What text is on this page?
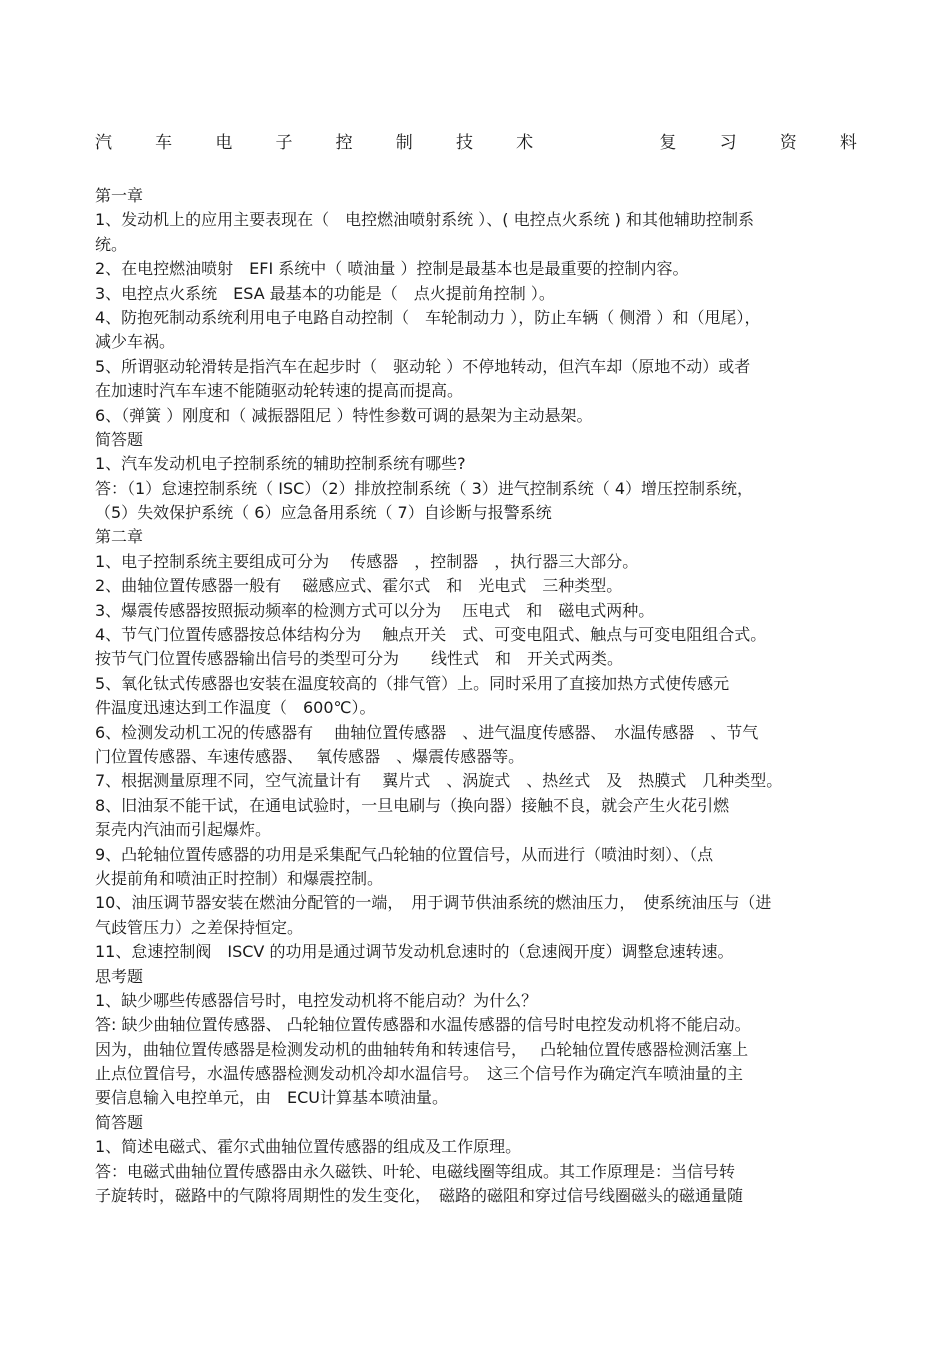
汽	车	电	子	控	制	技	术	复	习	资	料
第一章
1、发动机上的应用主要表现在（　电控燃油喷射系统 ）、( 电控点火系统 ) 和其他辅助控制系
统。
2、在电控燃油喷射　EFI 系统中（ 喷油量 ）控制是最基本也是最重要的控制内容。
3、电控点火系统　ESA 最基本的功能是（　点火提前角控制 ）。
4、防抱死制动系统利用电子电路自动控制（　车轮制动力 ），防止车辆（ 侧滑 ）和（甩尾），
减少车祸。
5、所谓驱动轮滑转是指汽车在起步时（　驱动轮 ）不停地转动，但汽车却（原地不动）或者
在加速时汽车车速不能随驱动轮转速的提高而提高。
6、（弹簧 ）刚度和（ 减振器阻尼 ）特性参数可调的悬架为主动悬架。
简答题
1、汽车发动机电子控制系统的辅助控制系统有哪些?
答：（1）怠速控制系统（ ISC）（2）排放控制系统（ 3）进气控制系统（ 4）增压控制系统，
（5）失效保护系统（ 6）应急备用系统（ 7）自诊断与报警系统
第二章
1、电子控制系统主要组成可分为　 传感器　，控制器　，执行器三大部分。
2、曲轴位置传感器一般有　 磁感应式、霍尔式　和　光电式　三种类型。
3、爆震传感器按照振动频率的检测方式可以分为　 压电式　和　磁电式两种。
4、节气门位置传感器按总体结构分为　 触点开关　式、可变电阻式、触点与可变电阻组合式。
按节气门位置传感器输出信号的类型可分为　　线性式　和　开关式两类。
5、氧化钛式传感器也安装在温度较高的（排气管）上。同时采用了直接加热方式使传感元
件温度迅速达到工作温度（　600℃）。
6、检测发动机工况的传感器有　 曲轴位置传感器　、进气温度传感器、　水温传感器　、节气
门位置传感器、车速传感器、　 氧传感器　、爆震传感器等。
7、根据测量原理不同，空气流量计有　 翼片式　、涡旋式　、热丝式　及　热膜式　几种类型。
8、旧油泵不能干试，在通电试验时，一旦电刷与（换向器）接触不良，就会产生火花引燃
泵壳内汽油而引起爆炸。
9、凸轮轴位置传感器的功用是采集配气凸轮轴的位置信号，从而进行（喷油时刻）、（点
火提前角和喷油正时控制）和爆震控制。
10、油压调节器安装在燃油分配管的一端，　用于调节供油系统的燃油压力，　使系统油压与（进
气歧管压力）之差保持恒定。
11、怠速控制阀　ISCV 的功用是通过调节发动机怠速时的（怠速阀开度）调整怠速转速。
思考题
1、缺少哪些传感器信号时，电控发动机将不能启动？为什么？
答: 缺少曲轴位置传感器、 凸轮轴位置传感器和水温传感器的信号时电控发动机将不能启动。
因为，曲轴位置传感器是检测发动机的曲轴转角和转速信号，　 凸轮轴位置传感器检测活塞上
止点位置信号，水温传感器检测发动机冷却水温信号。　这三个信号作为确定汽车喷油量的主
要信息输入电控单元，由　ECU计算基本喷油量。
简答题
1、简述电磁式、霍尔式曲轴位置传感器的组成及工作原理。
答：电磁式曲轴位置传感器由永久磁铁、叶轮、电磁线圈等组成。其工作原理是：当信号转
子旋转时，磁路中的气隙将周期性的发生变化，　磁路的磁阻和穿过信号线圈磁头的磁通量随
